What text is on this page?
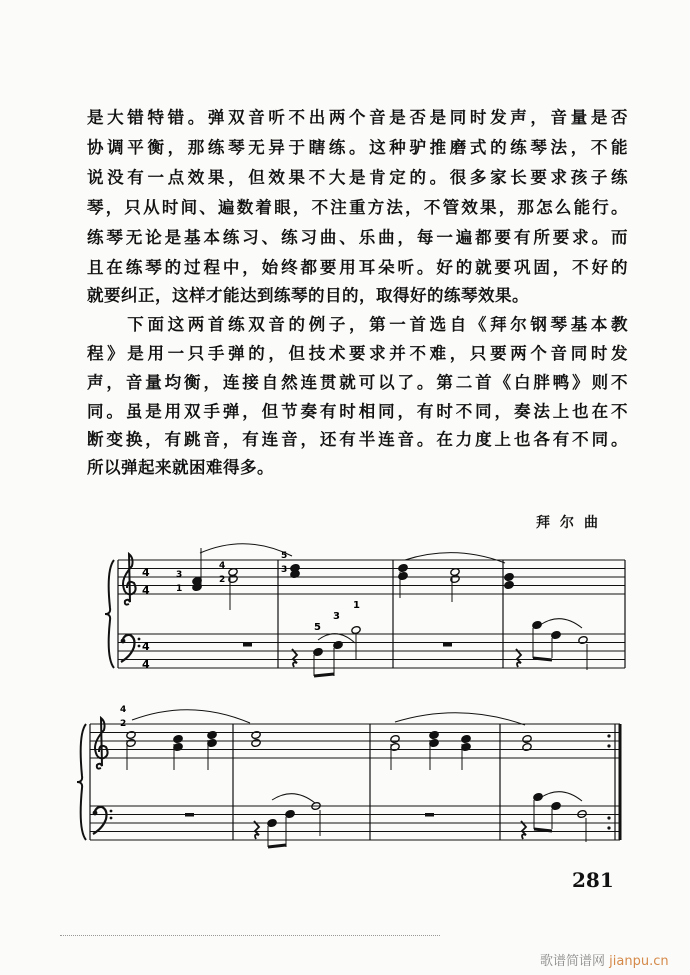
是大错特错。弹双音听不出两个音是否是同时发声，音量是否
协调平衡，那练琴无异于瞎练。这种驴推磨式的练琴法，不能
说没有一点效果，但效果不大是肯定的。很多家长要求孩子练
琴，只从时间、遍数着眼，不注重方法，不管效果，那怎么能行。
练琴无论是基本练习、练习曲、乐曲，每一遍都要有所要求。而
且在练琴的过程中，始终都要用耳朵听。好的就要巩固，不好的
就要纠正，这样才能达到练琴的目的，取得好的练琴效果。
　　下面这两首练双音的例子，第一首选自《拜尔钢琴基本教
程》是用一只手弹的，但技术要求并不难，只要两个音同时发
声，音量均衡，连接自然连贯就可以了。第二首《白胖鸭》则不
同。虽是用双手弹，但节奏有时相同，有时不同，奏法上也在不
断变换，有跳音，有连音，还有半连音。在力度上也各有不同。
所以弹起来就困难得多。
拜尔曲
4
4
4
4
3
1
4
2
5
3
5
3
1
4
2
281
歌谱简谱网 jianpu.cn
